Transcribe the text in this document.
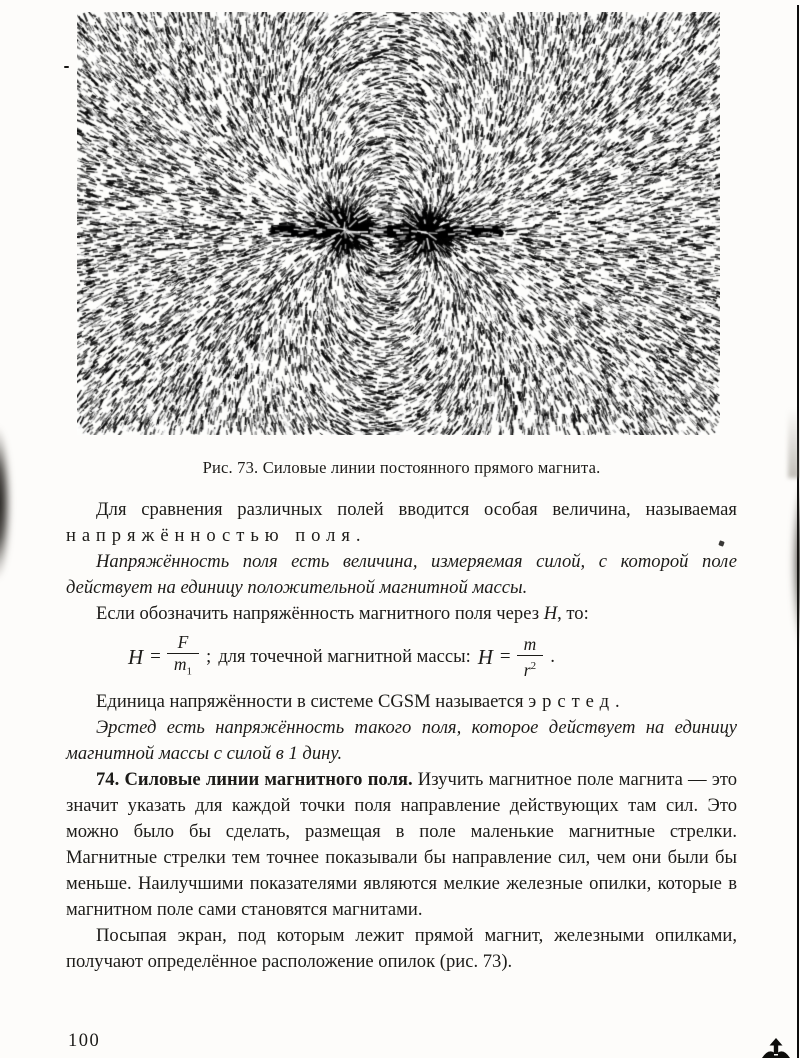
Рис. 73. Силовые линии постоянного прямого магнита.

Для сравнения различных полей вводится особая величина, называемая напряжённостью поля.

Напряжённость поля есть величина, измеряемая силой, с которой поле действует на единицу положительной магнитной массы.

Если обозначить напряжённость магнитного поля через H, то:

$H = \frac{F}{m_1}$ ; для точечной магнитной массы: $H = \frac{m}{r^2}$ .

Единица напряжённости в системе CGSM называется эрстед.

Эрстед есть напряжённость такого поля, которое действует на единицу магнитной массы с силой в 1 дину.

74. Силовые линии магнитного поля. Изучить магнитное поле магнита — это значит указать для каждой точки поля направление действующих там сил. Это можно было бы сделать, размещая в поле маленькие магнитные стрелки. Магнитные стрелки тем точнее показывали бы направление сил, чем они были бы меньше. Наилучшими показателями являются мелкие железные опилки, которые в магнитном поле сами становятся магнитами.

Посыпая экран, под которым лежит прямой магнит, железными опилками, получают определённое расположение опилок (рис. 73).

100
